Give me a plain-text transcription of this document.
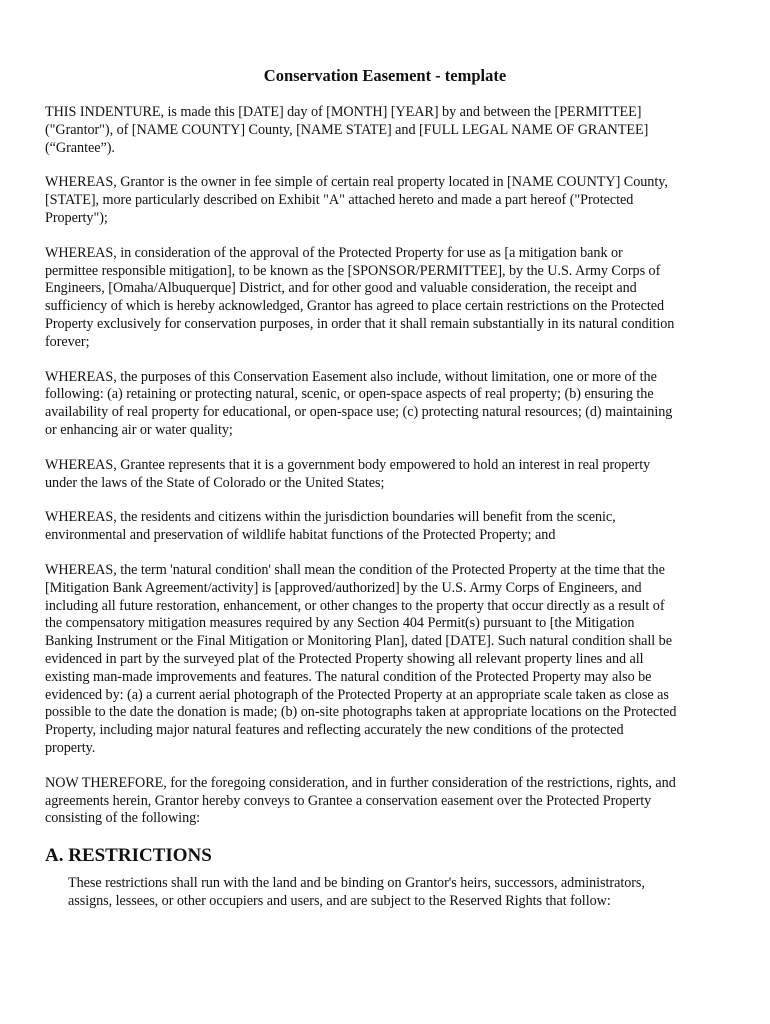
Conservation Easement - template

THIS INDENTURE, is made this [DATE] day of [MONTH] [YEAR] by and between the [PERMITTEE]
("Grantor"), of [NAME COUNTY] County, [NAME STATE] and [FULL LEGAL NAME OF GRANTEE]
(“Grantee”).

WHEREAS, Grantor is the owner in fee simple of certain real property located in [NAME COUNTY] County,
[STATE], more particularly described on Exhibit "A" attached hereto and made a part hereof ("Protected
Property");

WHEREAS, in consideration of the approval of the Protected Property for use as [a mitigation bank or
permittee responsible mitigation], to be known as the [SPONSOR/PERMITTEE], by the U.S. Army Corps of
Engineers, [Omaha/Albuquerque] District, and for other good and valuable consideration, the receipt and
sufficiency of which is hereby acknowledged, Grantor has agreed to place certain restrictions on the Protected
Property exclusively for conservation purposes, in order that it shall remain substantially in its natural condition
forever;

WHEREAS, the purposes of this Conservation Easement also include, without limitation, one or more of the
following: (a) retaining or protecting natural, scenic, or open-space aspects of real property; (b) ensuring the
availability of real property for educational, or open-space use; (c) protecting natural resources; (d) maintaining
or enhancing air or water quality;

WHEREAS, Grantee represents that it is a government body empowered to hold an interest in real property
under the laws of the State of Colorado or the United States;

WHEREAS, the residents and citizens within the jurisdiction boundaries will benefit from the scenic,
environmental and preservation of wildlife habitat functions of the Protected Property; and

WHEREAS, the term 'natural condition' shall mean the condition of the Protected Property at the time that the
[Mitigation Bank Agreement/activity] is [approved/authorized] by the U.S. Army Corps of Engineers, and
including all future restoration, enhancement, or other changes to the property that occur directly as a result of
the compensatory mitigation measures required by any Section 404 Permit(s) pursuant to [the Mitigation
Banking Instrument or the Final Mitigation or Monitoring Plan], dated [DATE]. Such natural condition shall be
evidenced in part by the surveyed plat of the Protected Property showing all relevant property lines and all
existing man-made improvements and features. The natural condition of the Protected Property may also be
evidenced by: (a) a current aerial photograph of the Protected Property at an appropriate scale taken as close as
possible to the date the donation is made; (b) on-site photographs taken at appropriate locations on the Protected
Property, including major natural features and reflecting accurately the new conditions of the protected
property.

NOW THEREFORE, for the foregoing consideration, and in further consideration of the restrictions, rights, and
agreements herein, Grantor hereby conveys to Grantee a conservation easement over the Protected Property
consisting of the following:

A. RESTRICTIONS

These restrictions shall run with the land and be binding on Grantor's heirs, successors, administrators,
assigns, lessees, or other occupiers and users, and are subject to the Reserved Rights that follow:
